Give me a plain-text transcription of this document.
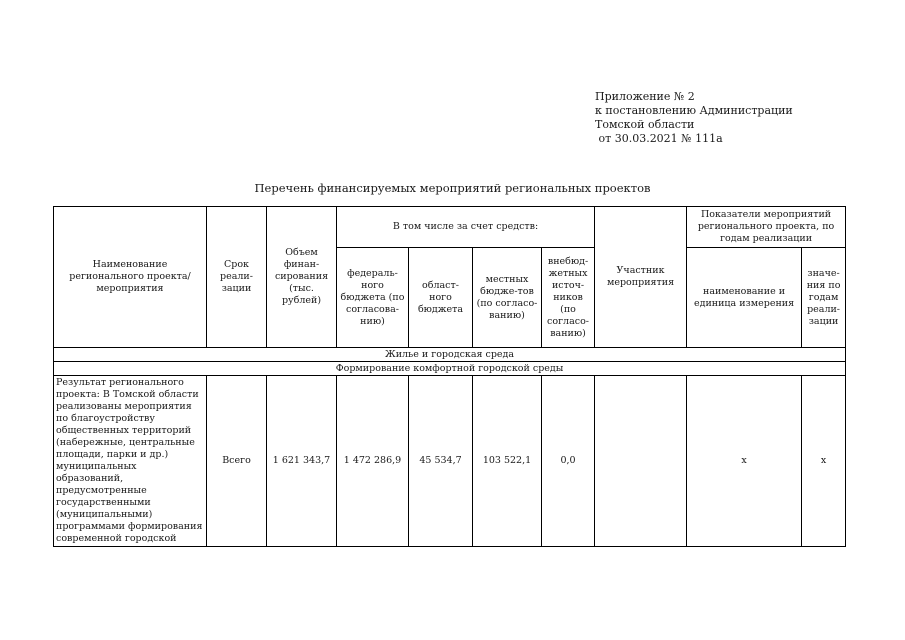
Приложение № 2
к постановлению Администрации
Томской области
от 30.03.2021 № 111а
Перечень финансируемых мероприятий региональных проектов
Наименование регионального проекта/мероприятия	Срок реали-зации	Объем финан-сирования (тыс. рублей)	В том числе за счет средств:				Участник мероприятия	Показатели мероприятий регионального проекта, по годам реализации	
			федераль-ного бюджета (по согласова-нию)	област-ного бюджета	местных бюдже-тов (по согласо-ванию)	внебюд-жетных источ-ников (по согласо-ванию)		наименование и единица измерения	значе-ния по годам реали-зации
Жилье и городская среда									
Формирование комфортной городской среды									
Результат регионального проекта: В Томской области реализованы мероприятия по благоустройству общественных территорий (набережные, центральные площади, парки и др.) муниципальных образований, предусмотренные государственными (муниципальными) программами формирования современной городской	Всего	1 621 343,7	1 472 286,9	45 534,7	103 522,1	0,0		х	х
